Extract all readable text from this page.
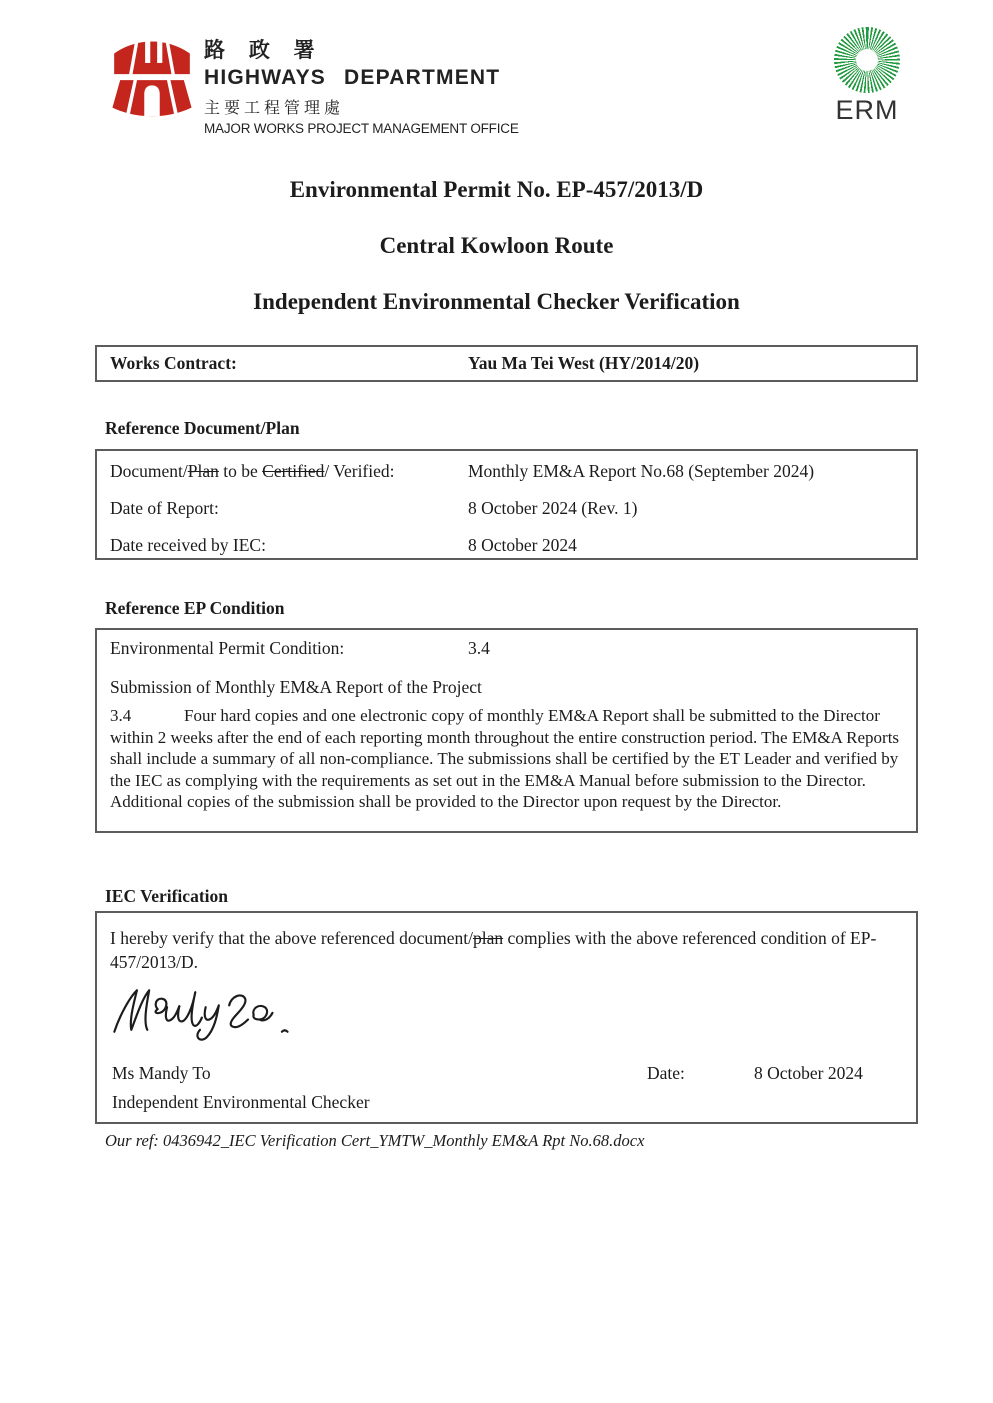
路 政 署
HIGHWAYS DEPARTMENT
主要工程管理處
MAJOR WORKS PROJECT MANAGEMENT OFFICE
ERM
Environmental Permit No. EP-457/2013/D
Central Kowloon Route
Independent Environmental Checker Verification
Works Contract:	Yau Ma Tei West (HY/2014/20)
Reference Document/Plan
Document/Plan to be Certified/ Verified:	Monthly EM&A Report No.68 (September 2024)
Date of Report:	8 October 2024 (Rev. 1)
Date received by IEC:	8 October 2024
Reference EP Condition
Environmental Permit Condition:	3.4
Submission of Monthly EM&A Report of the Project
3.4	Four hard copies and one electronic copy of monthly EM&A Report shall be submitted to the Director within 2 weeks after the end of each reporting month throughout the entire construction period. The EM&A Reports shall include a summary of all non-compliance. The submissions shall be certified by the ET Leader and verified by the IEC as complying with the requirements as set out in the EM&A Manual before submission to the Director. Additional copies of the submission shall be provided to the Director upon request by the Director.
IEC Verification
I hereby verify that the above referenced document/plan complies with the above referenced condition of EP-457/2013/D.
Ms Mandy To	Date:	8 October 2024
Independent Environmental Checker
Our ref: 0436942_IEC Verification Cert_YMTW_Monthly EM&A Rpt No.68.docx
